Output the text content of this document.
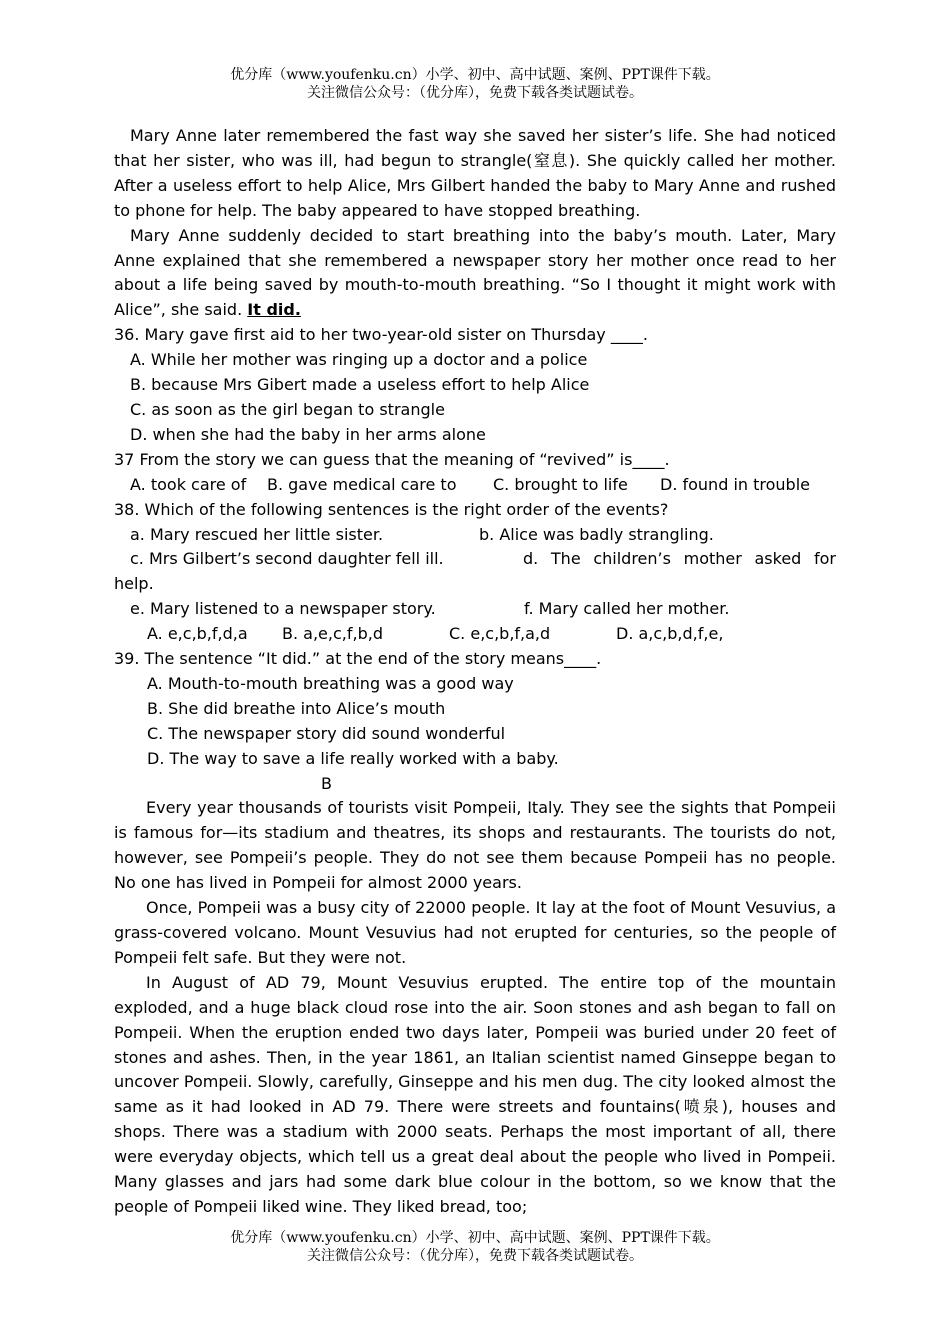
优分库（www.youfenku.cn）小学、初中、高中试题、案例、PPT课件下载。
关注微信公众号：（优分库），免费下载各类试题试卷。

Mary Anne later remembered the fast way she saved her sister’s life. She had noticed that her sister, who was ill, had begun to strangle(窒息). She quickly called her mother. After a useless effort to help Alice, Mrs Gilbert handed the baby to Mary Anne and rushed to phone for help. The baby appeared to have stopped breathing.

Mary Anne suddenly decided to start breathing into the baby’s mouth. Later, Mary Anne explained that she remembered a newspaper story her mother once read to her about a life being saved by mouth-to-mouth breathing. “So I thought it might work with Alice”, she said. It did.

36. Mary gave first aid to her two-year-old sister on Thursday ____.
A. While her mother was ringing up a doctor and a police
B. because Mrs Gibert made a useless effort to help Alice
C. as soon as the girl began to strangle
D. when she had the baby in her arms alone
37 From the story we can guess that the meaning of “revived” is____.
A. took care of	B. gave medical care to	C. brought to life	D. found in trouble
38. Which of the following sentences is the right order of the events?
a. Mary rescued her little sister.	b. Alice was badly strangling.
c. Mrs Gilbert’s second daughter fell ill.	d. The children’s mother asked for
help.
e. Mary listened to a newspaper story.	f. Mary called her mother.
A. e,c,b,f,d,a	B. a,e,c,f,b,d	C. e,c,b,f,a,d	D. a,c,b,d,f,e,
39. The sentence “It did.” at the end of the story means____.
A. Mouth-to-mouth breathing was a good way
B. She did breathe into Alice’s mouth
C. The newspaper story did sound wonderful
D. The way to save a life really worked with a baby.
B

Every year thousands of tourists visit Pompeii, Italy. They see the sights that Pompeii is famous for—its stadium and theatres, its shops and restaurants. The tourists do not, however, see Pompeii’s people. They do not see them because Pompeii has no people. No one has lived in Pompeii for almost 2000 years.

Once, Pompeii was a busy city of 22000 people. It lay at the foot of Mount Vesuvius, a grass-covered volcano. Mount Vesuvius had not erupted for centuries, so the people of Pompeii felt safe. But they were not.

In August of AD 79, Mount Vesuvius erupted. The entire top of the mountain exploded, and a huge black cloud rose into the air. Soon stones and ash began to fall on Pompeii. When the eruption ended two days later, Pompeii was buried under 20 feet of stones and ashes. Then, in the year 1861, an Italian scientist named Ginseppe began to uncover Pompeii. Slowly, carefully, Ginseppe and his men dug. The city looked almost the same as it had looked in AD 79. There were streets and fountains(喷泉), houses and shops. There was a stadium with 2000 seats. Perhaps the most important of all, there were everyday objects, which tell us a great deal about the people who lived in Pompeii. Many glasses and jars had some dark blue colour in the bottom, so we know that the people of Pompeii liked wine. They liked bread, too;

优分库（www.youfenku.cn）小学、初中、高中试题、案例、PPT课件下载。
关注微信公众号：（优分库），免费下载各类试题试卷。
